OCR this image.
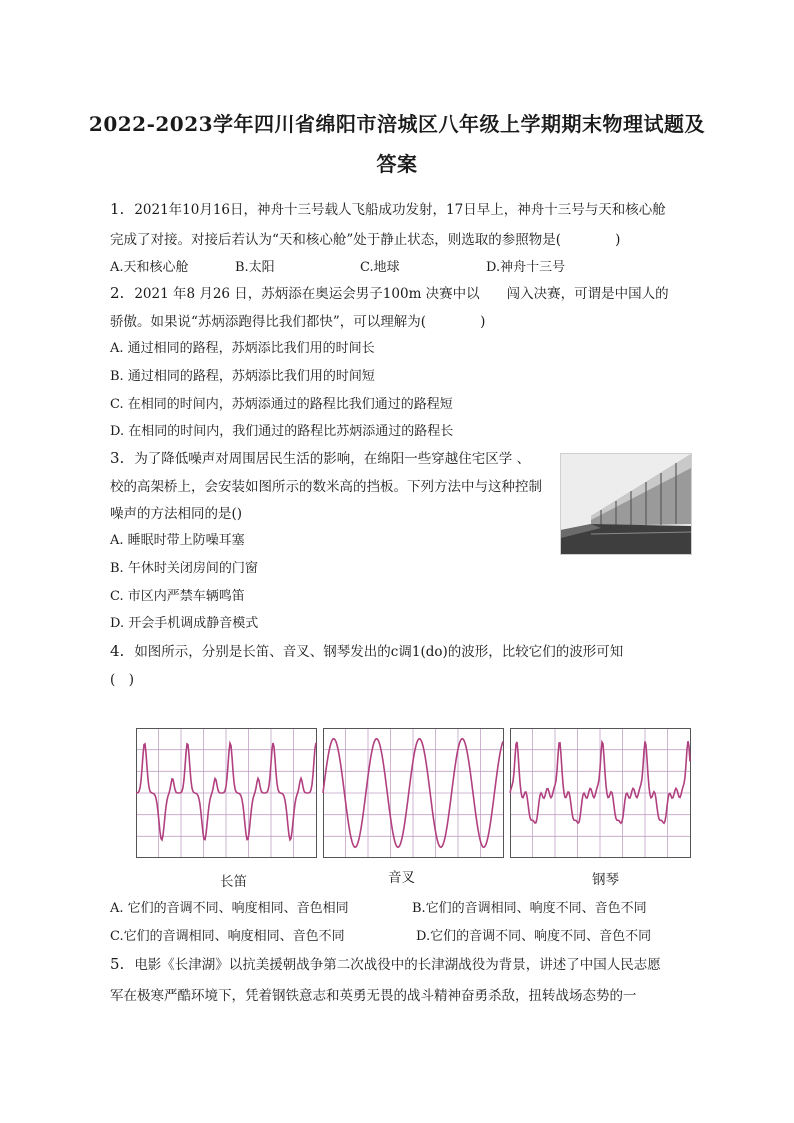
2022-2023学年四川省绵阳市涪城区八年级上学期期末物理试题及
答案
1. 2021年10月16日，神舟十三号载人飞船成功发射，17日早上，神舟十三号与天和核心舱
完成了对接。对接后若认为“天和核心舱”处于静止状态，则选取的参照物是(　　　　)
A.天和核心舱	B.太阳	C.地球	D.神舟十三号
2. 2021 年8 月26 日，苏炳添在奥运会男子100m 决赛中以　　闯入决赛，可谓是中国人的
骄傲。如果说“苏炳添跑得比我们都快”，可以理解为(　　　　)
A. 通过相同的路程，苏炳添比我们用的时间长
B. 通过相同的路程，苏炳添比我们用的时间短
C. 在相同的时间内，苏炳添通过的路程比我们通过的路程短
D. 在相同的时间内，我们通过的路程比苏炳添通过的路程长
3. 为了降低噪声对周围居民生活的影响，在绵阳一些穿越住宅区学 、
校的高架桥上，会安装如图所示的数米高的挡板。下列方法中与这种控制
噪声的方法相同的是()
A. 睡眠时带上防噪耳塞
B. 午休时关闭房间的门窗
C. 市区内严禁车辆鸣笛
D. 开会手机调成静音模式
4. 如图所示，分别是长笛、音叉、钢琴发出的c调1(do)的波形，比较它们的波形可知
(　)
长笛	音叉	钢琴
A. 它们的音调不同、响度相同、音色相同	B.它们的音调相同、响度不同、音色不同
C.它们的音调相同、响度相同、音色不同	D.它们的音调不同、响度不同、音色不同
5. 电影《长津湖》以抗美援朝战争第二次战役中的长津湖战役为背景，讲述了中国人民志愿
军在极寒严酷环境下，凭着钢铁意志和英勇无畏的战斗精神奋勇杀敌，扭转战场态势的一
